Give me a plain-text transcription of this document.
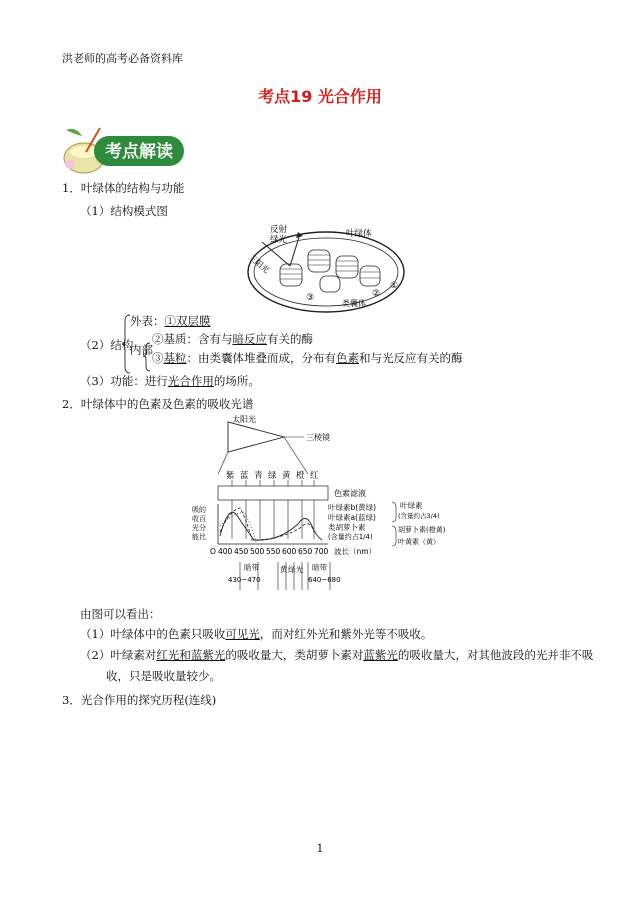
洪老师的高考必备资料库
考点19 光合作用
考点解读
1．叶绿体的结构与功能
（1）结构模式图
反射
绿光
三阳光
叶绿体
类囊体
③	②
①
（2）结构
外表：①双层膜
内部
②基质：含有与暗反应有关的酶
③基粒：由类囊体堆叠而成，分布有色素和与光反应有关的酶
（3）功能：进行光合作用的场所。
2．叶绿体中的色素及色素的吸收光谱
太阳光
三棱镜
紫 蓝 青 绿 黄 橙 红
色素滤液
吸的
收百
光分
能比
O 400 450 500 550 600 650 700 波长（nm）
叶绿素b(黄绿)
叶绿素a(蓝绿)
类胡萝卜素
(含量约占1/4)
叶绿素
(含量约占3/4)
胡萝卜素(橙黄)
叶黄素（黄）
暗带
430~470
黄 绿 光 暗带
640~680
由图可以看出：
（1）叶绿体中的色素只吸收可见光，而对红外光和紫外光等不吸收。
（2）叶绿素对红光和蓝紫光的吸收量大，类胡萝卜素对蓝紫光的吸收量大，对其他波段的光并非不吸
收，只是吸收量较少。
3．光合作用的探究历程(连线)
1
